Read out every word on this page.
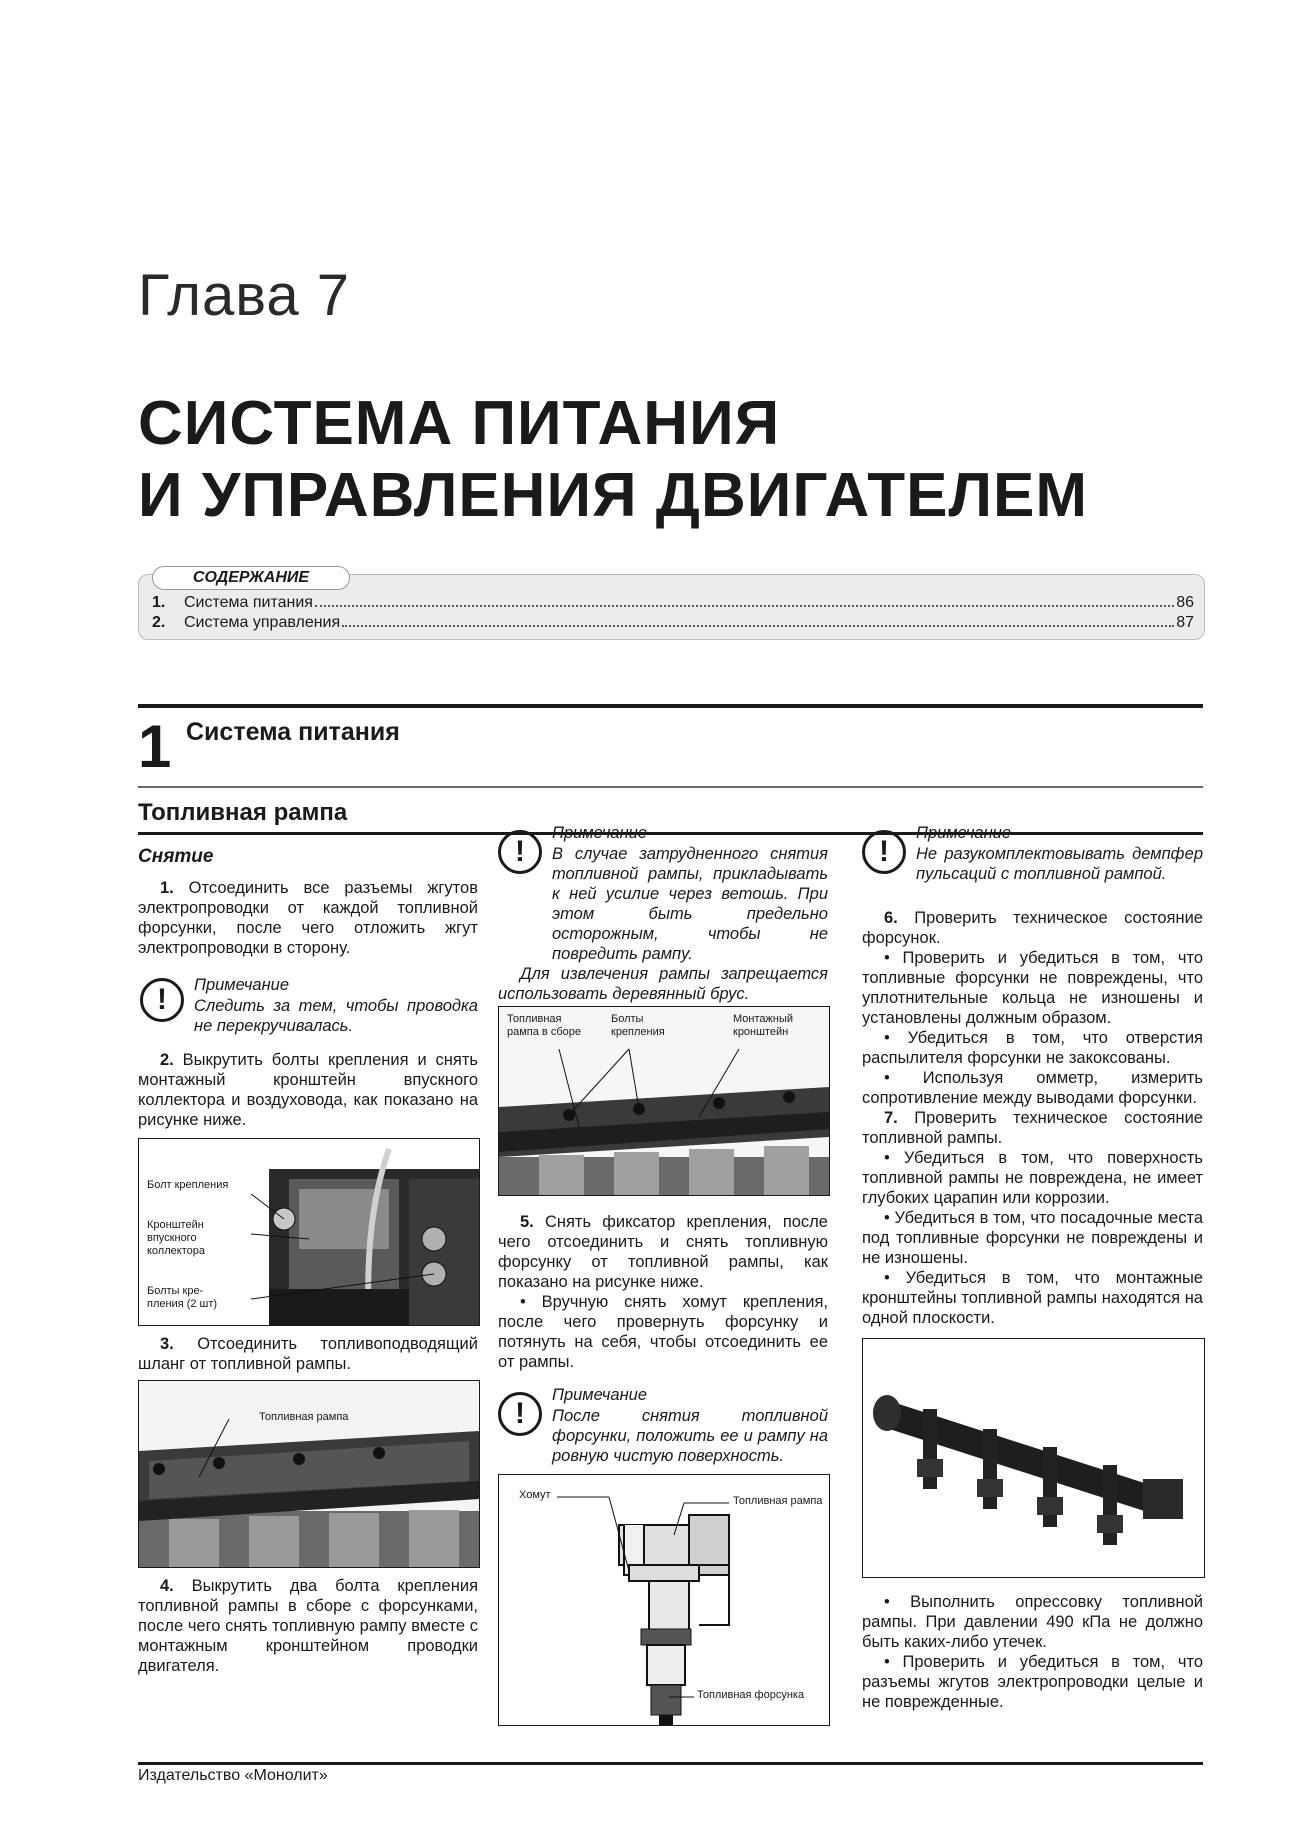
Глава 7
СИСТЕМА ПИТАНИЯ
И УПРАВЛЕНИЯ ДВИГАТЕЛЕМ
СОДЕРЖАНИЕ
1.	Система питания	86
2.	Система управления	87
1 Система питания
Топливная рампа
Снятие

1. Отсоединить все разъемы жгутов электропроводки от каждой топливной форсунки, после чего отложить жгут электропроводки в сторону.

!	Примечание
Следить за тем, чтобы проводка не перекручивалась.

2. Выкрутить болты крепления и снять монтажный кронштейн впускного коллектора и воздуховода, как показано на рисунке ниже.

Болт крепления
Кронштейн
впускного
коллектора
Болты кре-
пления (2 шт)

3. Отсоединить топливоподводящий шланг от топливной рампы.

Топливная рампа

4. Выкрутить два болта крепления топливной рампы в сборе с форсунками, после чего снять топливную рампу вместе с монтажным кронштейном проводки двигателя.

!
Примечание
В случае затрудненного снятия топливной рампы, прикладывать к ней усилие через ветошь. При этом быть предельно осторожным, чтобы не повредить рампу.
Для извлечения рампы запрещается использовать деревянный брус.
Топливная
рампа в сборе
Болты
крепления
Монтажный
кронштейн

5. Снять фиксатор крепления, после чего отсоединить и снять топливную форсунку от топливной рампы, как показано на рисунке ниже.

• Вручную снять хомут крепления, после чего провернуть форсунку и потянуть на себя, чтобы отсоединить ее от рампы.

!
Примечание
После снятия топливной форсунки, положить ее и рампу на ровную чистую поверхность.
Хомут	Топливная рампа
Топливная форсунка
!
Примечание
Не разукомплектовывать демпфер пульсаций с топливной рампой.

6. Проверить техническое состояние форсунок.

• Проверить и убедиться в том, что топливные форсунки не повреждены, что уплотнительные кольца не изношены и установлены должным образом.

• Убедиться в том, что отверстия распылителя форсунки не закоксованы.

• Используя омметр, измерить сопротивление между выводами форсунки.

7. Проверить техническое состояние топливной рампы.

• Убедиться в том, что поверхность топливной рампы не повреждена, не имеет глубоких царапин или коррозии.

• Убедиться в том, что посадочные места под топливные форсунки не повреждены и не изношены.

• Убедиться в том, что монтажные кронштейны топливной рампы находятся на одной плоскости.

• Выполнить опрессовку топливной рампы. При давлении 490 кПа не должно быть каких-либо утечек.

• Проверить и убедиться в том, что разъемы жгутов электропроводки целые и не поврежденные.

Издательство «Монолит»
